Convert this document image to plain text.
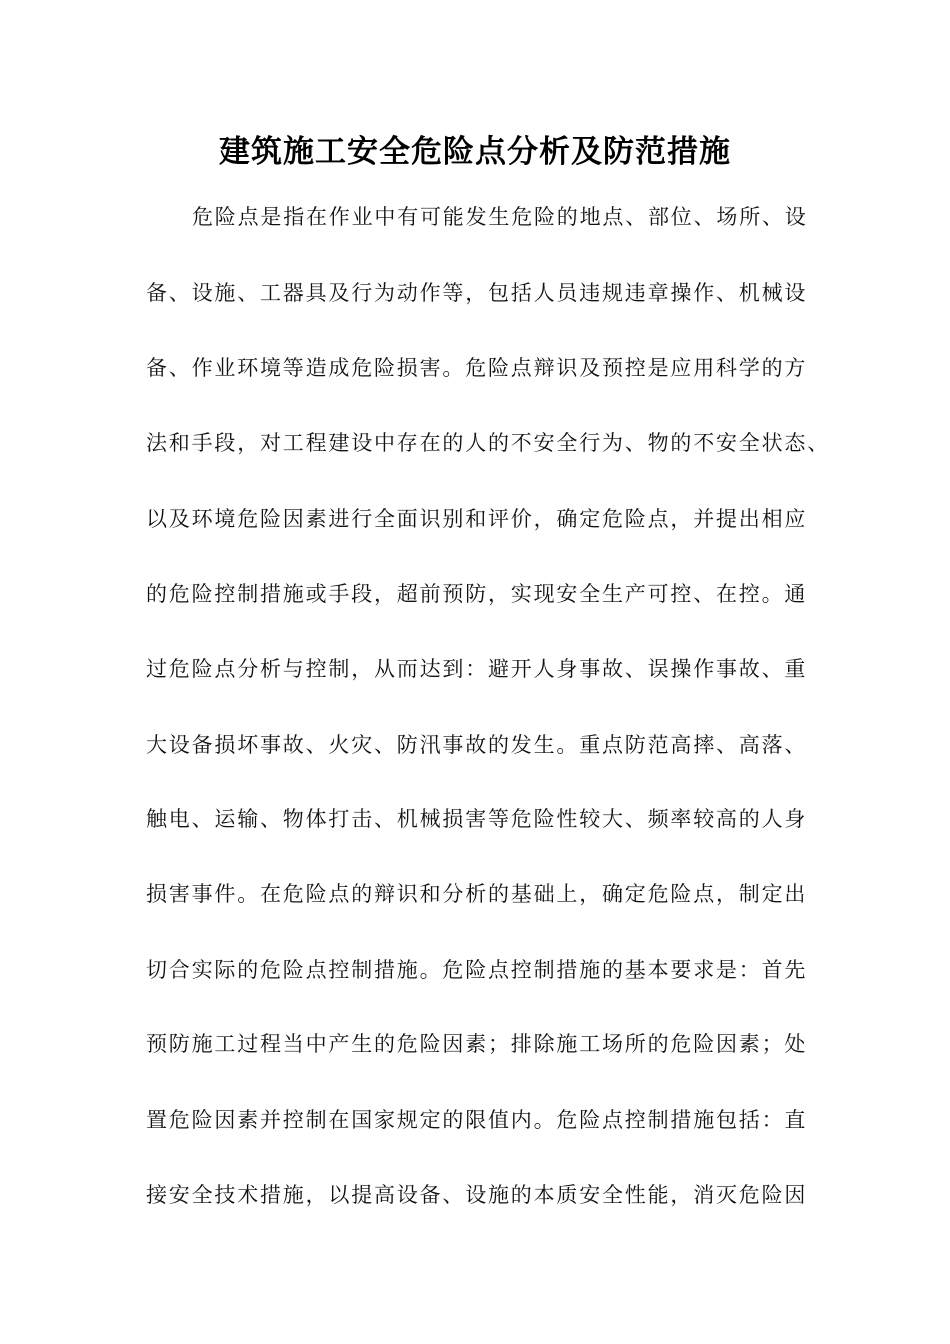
建筑施工安全危险点分析及防范措施
危险点是指在作业中有可能发生危险的地点、部位、场所、设
备、设施、工器具及行为动作等，包括人员违规违章操作、机械设
备、作业环境等造成危险损害。危险点辩识及预控是应用科学的方
法和手段，对工程建设中存在的人的不安全行为、物的不安全状态、
以及环境危险因素进行全面识别和评价，确定危险点，并提出相应
的危险控制措施或手段，超前预防，实现安全生产可控、在控。通
过危险点分析与控制，从而达到：避开人身事故、误操作事故、重
大设备损坏事故、火灾、防汛事故的发生。重点防范高摔、高落、
触电、运输、物体打击、机械损害等危险性较大、频率较高的人身
损害事件。在危险点的辩识和分析的基础上，确定危险点，制定出
切合实际的危险点控制措施。危险点控制措施的基本要求是：首先
预防施工过程当中产生的危险因素；排除施工场所的危险因素；处
置危险因素并控制在国家规定的限值内。危险点控制措施包括：直
接安全技术措施，以提高设备、设施的本质安全性能，消灭危险因
